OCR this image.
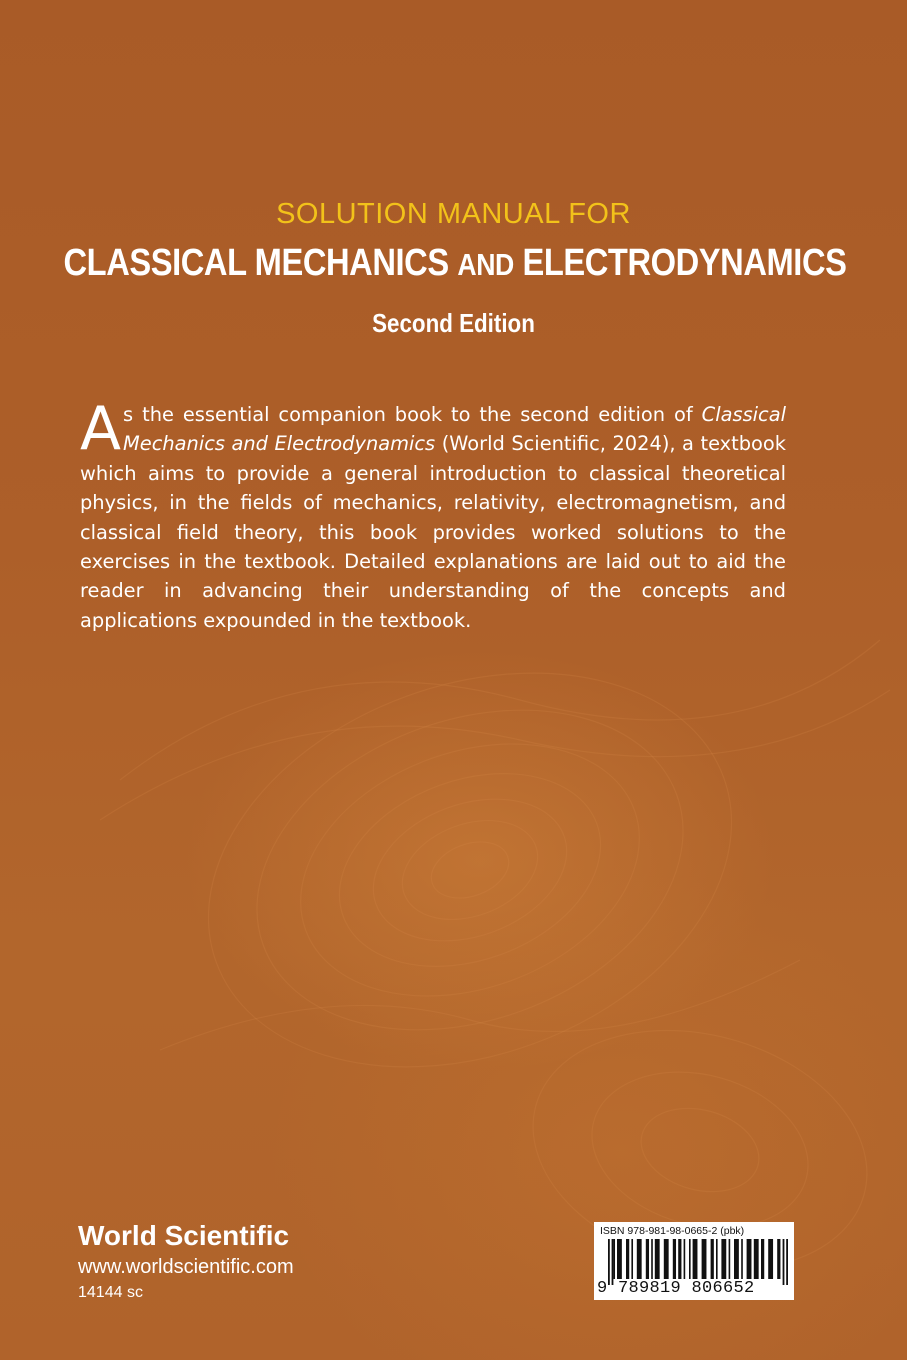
SOLUTION MANUAL FOR
CLASSICAL MECHANICS AND ELECTRODYNAMICS
Second Edition
As the essential companion book to the second edition of Classical Mechanics and Electrodynamics (World Scientific, 2024), a textbook which aims to provide a general introduction to classical theoretical physics, in the fields of mechanics, relativity, electromagnetism, and classical field theory, this book provides worked solutions to the exercises in the textbook. Detailed explanations are laid out to aid the reader in advancing their understanding of the concepts and applications expounded in the textbook.
World Scientific
www.worldscientific.com
14144 sc
ISBN 978-981-98-0665-2 (pbk)
9 789819 806652
